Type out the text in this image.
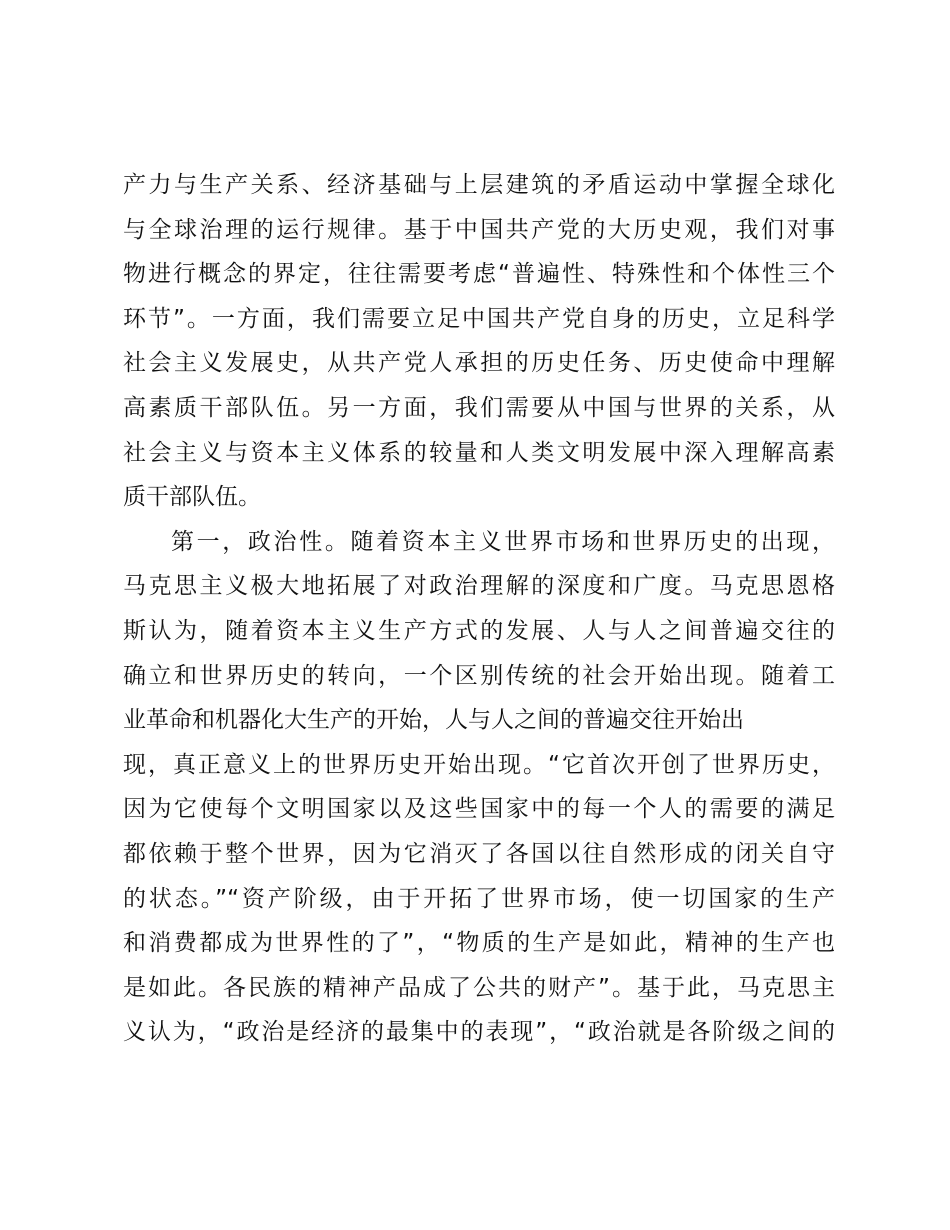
产力与生产关系、经济基础与上层建筑的矛盾运动中掌握全球化
与全球治理的运行规律。基于中国共产党的大历史观，我们对事
物进行概念的界定，往往需要考虑“普遍性、特殊性和个体性三个
环节”。一方面，我们需要立足中国共产党自身的历史，立足科学
社会主义发展史，从共产党人承担的历史任务、历史使命中理解
高素质干部队伍。另一方面，我们需要从中国与世界的关系，从
社会主义与资本主义体系的较量和人类文明发展中深入理解高素
质干部队伍。
第一，政治性。随着资本主义世界市场和世界历史的出现，
马克思主义极大地拓展了对政治理解的深度和广度。马克思恩格
斯认为，随着资本主义生产方式的发展、人与人之间普遍交往的
确立和世界历史的转向，一个区别传统的社会开始出现。随着工
业革命和机器化大生产的开始，人与人之间的普遍交往开始出
现，真正意义上的世界历史开始出现。“它首次开创了世界历史，
因为它使每个文明国家以及这些国家中的每一个人的需要的满足
都依赖于整个世界，因为它消灭了各国以往自然形成的闭关自守
的状态。”“资产阶级，由于开拓了世界市场，使一切国家的生产
和消费都成为世界性的了”，“物质的生产是如此，精神的生产也
是如此。各民族的精神产品成了公共的财产”。基于此，马克思主
义认为，“政治是经济的最集中的表现”，“政治就是各阶级之间的
